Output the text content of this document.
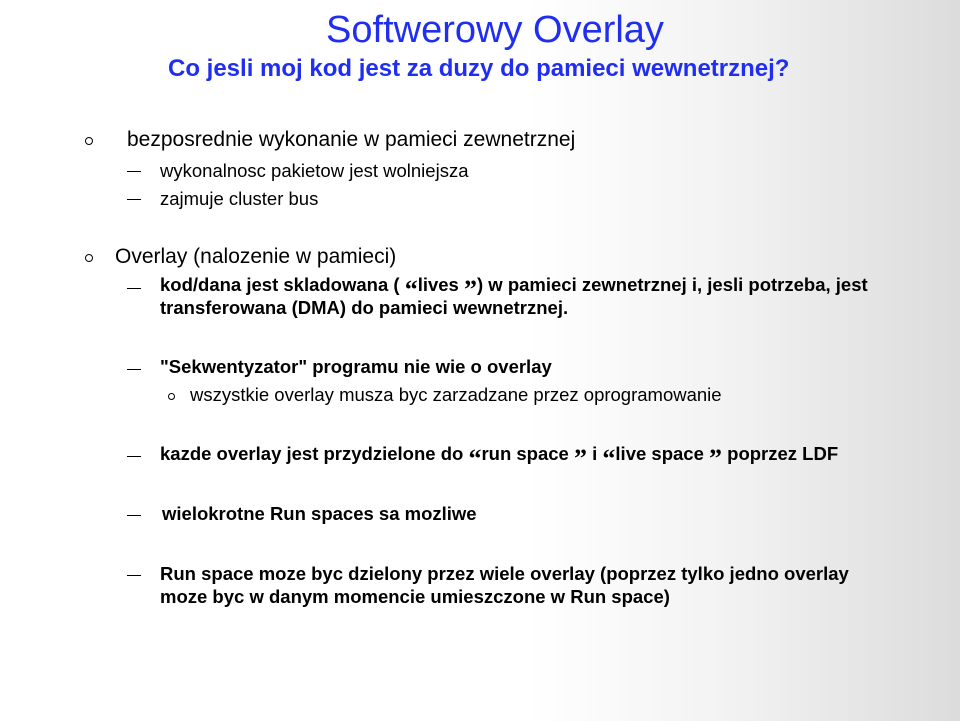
Softwerowy Overlay
Co jesli moj kod jest za duzy do pamieci wewnetrznej?
bezposrednie wykonanie w pamieci zewnetrznej
wykonalnosc pakietow jest wolniejsza
zajmuje cluster bus
Overlay (nalozenie w pamieci)
kod/dana jest skladowana ( “lives ”) w pamieci zewnetrznej i, jesli potrzeba, jest
transferowana (DMA) do pamieci wewnetrznej.
"Sekwentyzator" programu nie wie o overlay
wszystkie overlay musza byc zarzadzane przez oprogramowanie
kazde overlay jest przydzielone do “run space ” i “live space ” poprzez LDF
wielokrotne Run spaces sa mozliwe
Run space moze byc dzielony przez wiele overlay (poprzez tylko jedno overlay
moze byc w danym momencie umieszczone w Run space)
